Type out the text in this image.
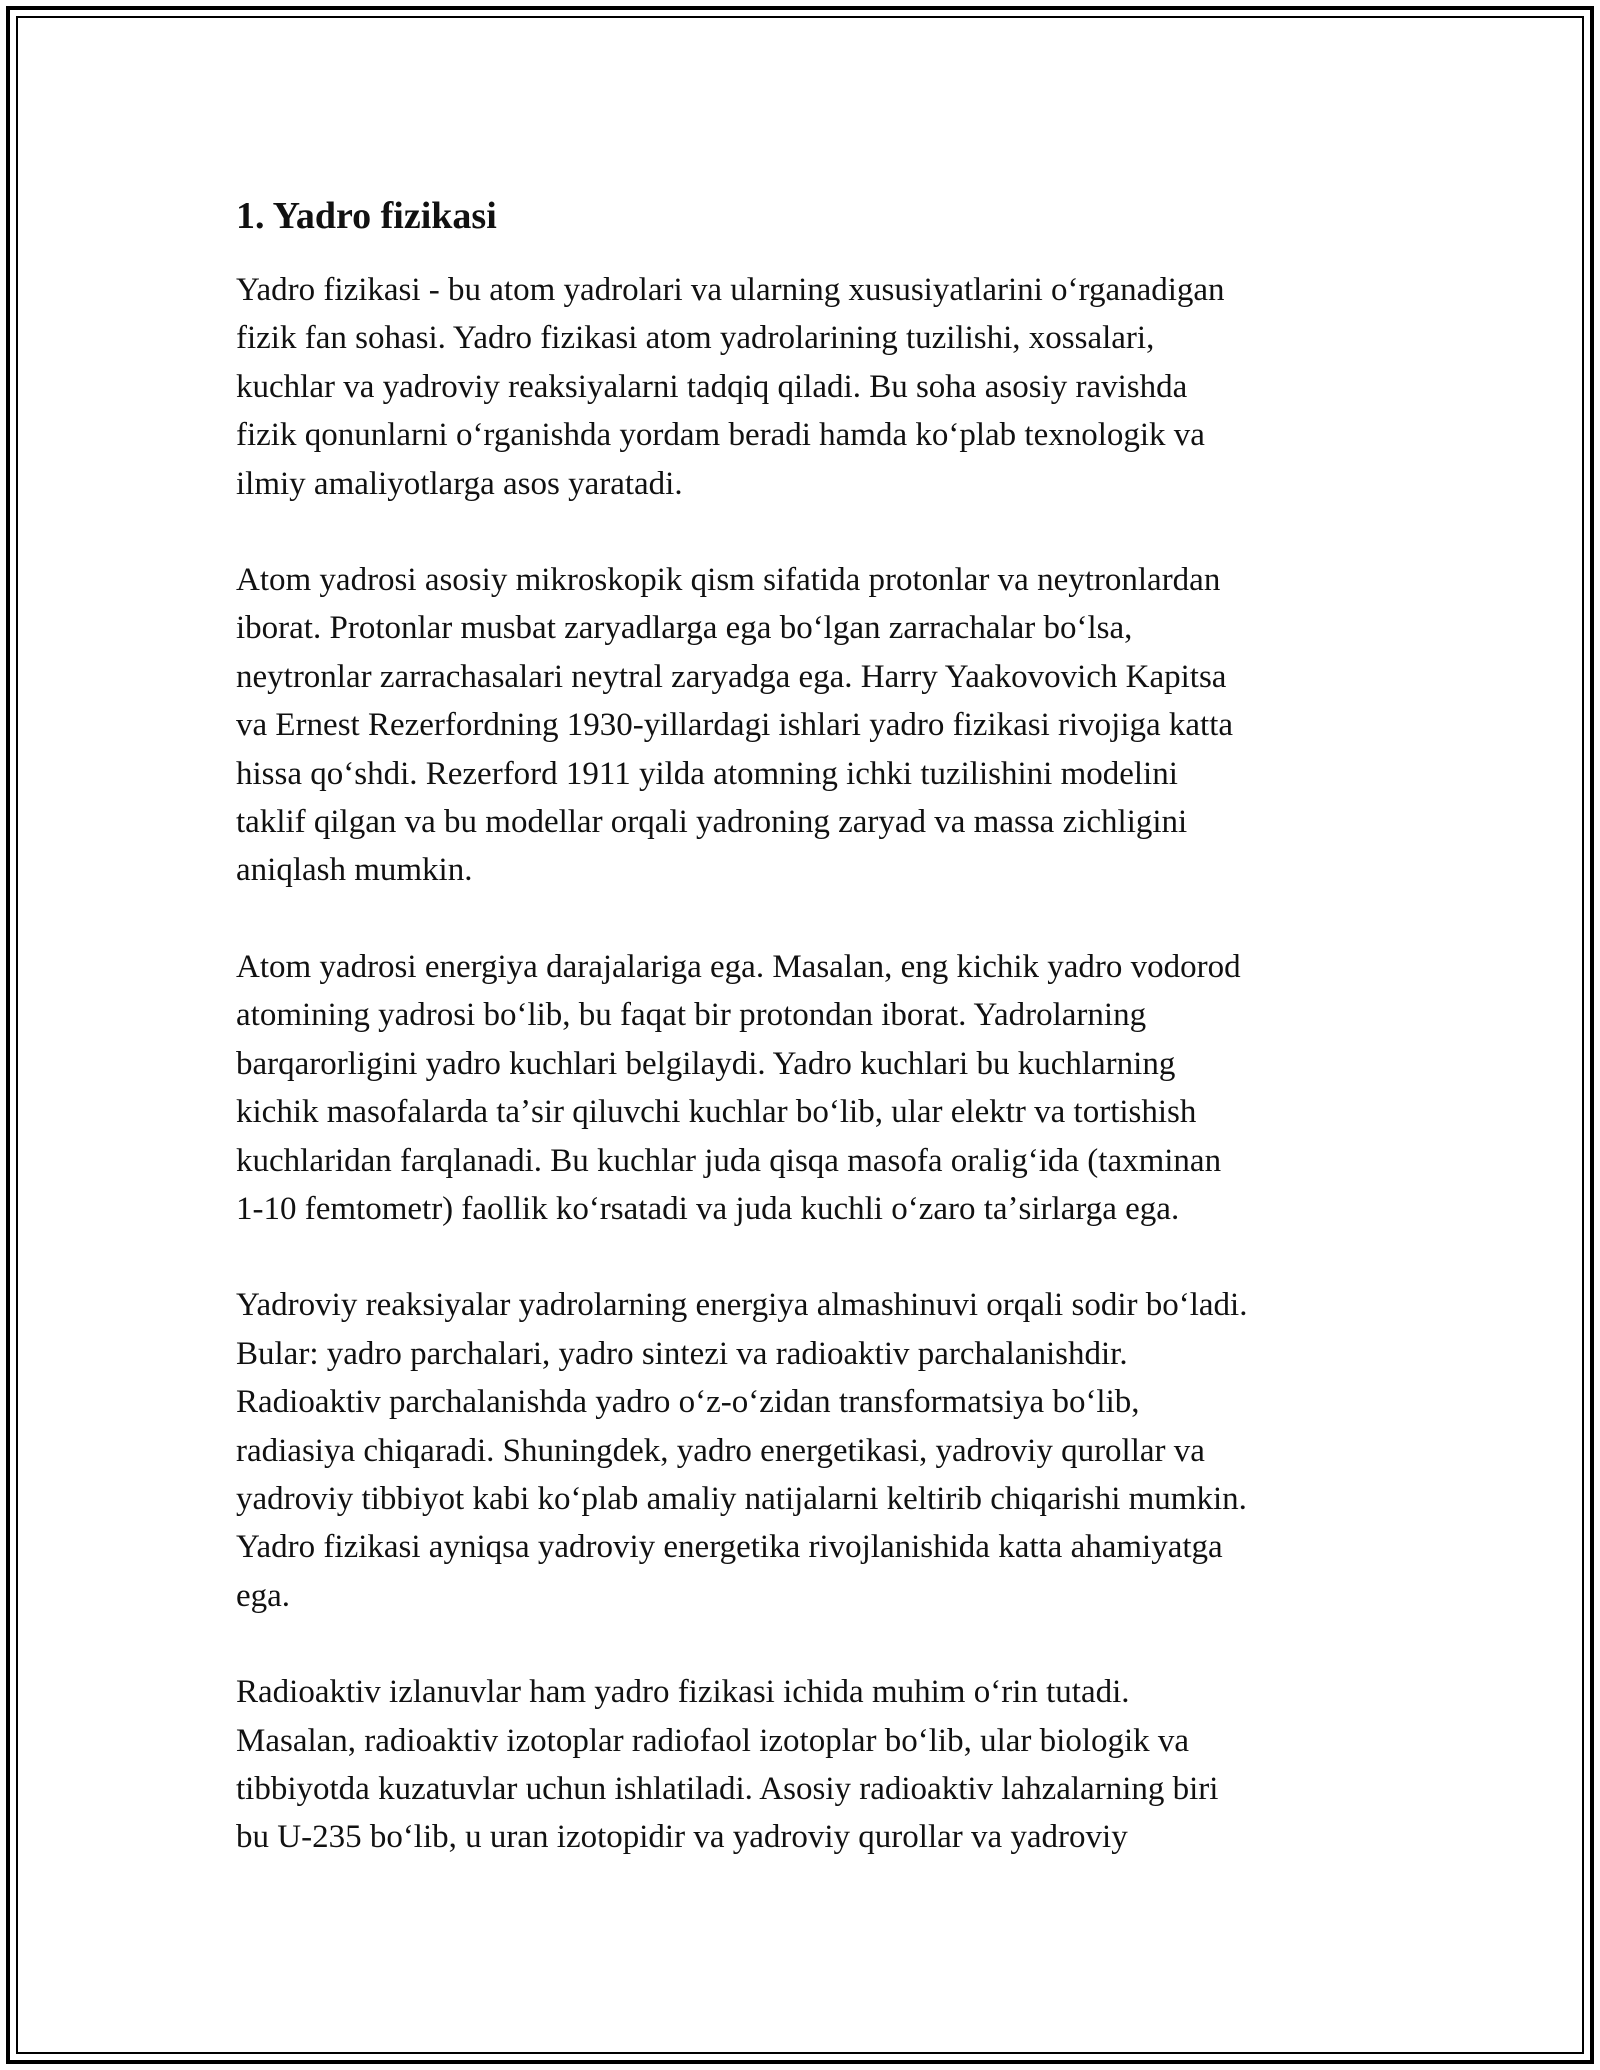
1. Yadro fizikasi

Yadro fizikasi - bu atom yadrolari va ularning xususiyatlarini oʻrganadigan
fizik fan sohasi. Yadro fizikasi atom yadrolarining tuzilishi, xossalari,
kuchlar va yadroviy reaksiyalarni tadqiq qiladi. Bu soha asosiy ravishda
fizik qonunlarni oʻrganishda yordam beradi hamda koʻplab texnologik va
ilmiy amaliyotlarga asos yaratadi.

Atom yadrosi asosiy mikroskopik qism sifatida protonlar va neytronlardan
iborat. Protonlar musbat zaryadlarga ega boʻlgan zarrachalar boʻlsa,
neytronlar zarrachasalari neytral zaryadga ega. Harry Yaakovovich Kapitsa
va Ernest Rezerfordning 1930-yillardagi ishlari yadro fizikasi rivojiga katta
hissa qoʻshdi. Rezerford 1911 yilda atomning ichki tuzilishini modelini
taklif qilgan va bu modellar orqali yadroning zaryad va massa zichligini
aniqlash mumkin.

Atom yadrosi energiya darajalariga ega. Masalan, eng kichik yadro vodorod
atomining yadrosi boʻlib, bu faqat bir protondan iborat. Yadrolarning
barqarorligini yadro kuchlari belgilaydi. Yadro kuchlari bu kuchlarning
kichik masofalarda taʼsir qiluvchi kuchlar boʻlib, ular elektr va tortishish
kuchlaridan farqlanadi. Bu kuchlar juda qisqa masofa oraligʻida (taxminan
1-10 femtometr) faollik koʻrsatadi va juda kuchli oʻzaro taʼsirlarga ega.

Yadroviy reaksiyalar yadrolarning energiya almashinuvi orqali sodir boʻladi.
Bular: yadro parchalari, yadro sintezi va radioaktiv parchalanishdir.
Radioaktiv parchalanishda yadro oʻz-oʻzidan transformatsiya boʻlib,
radiasiya chiqaradi. Shuningdek, yadro energetikasi, yadroviy qurollar va
yadroviy tibbiyot kabi koʻplab amaliy natijalarni keltirib chiqarishi mumkin.
Yadro fizikasi ayniqsa yadroviy energetika rivojlanishida katta ahamiyatga
ega.

Radioaktiv izlanuvlar ham yadro fizikasi ichida muhim oʻrin tutadi.
Masalan, radioaktiv izotoplar radiofaol izotoplar boʻlib, ular biologik va
tibbiyotda kuzatuvlar uchun ishlatiladi. Asosiy radioaktiv lahzalarning biri
bu U-235 boʻlib, u uran izotopidir va yadroviy qurollar va yadroviy
